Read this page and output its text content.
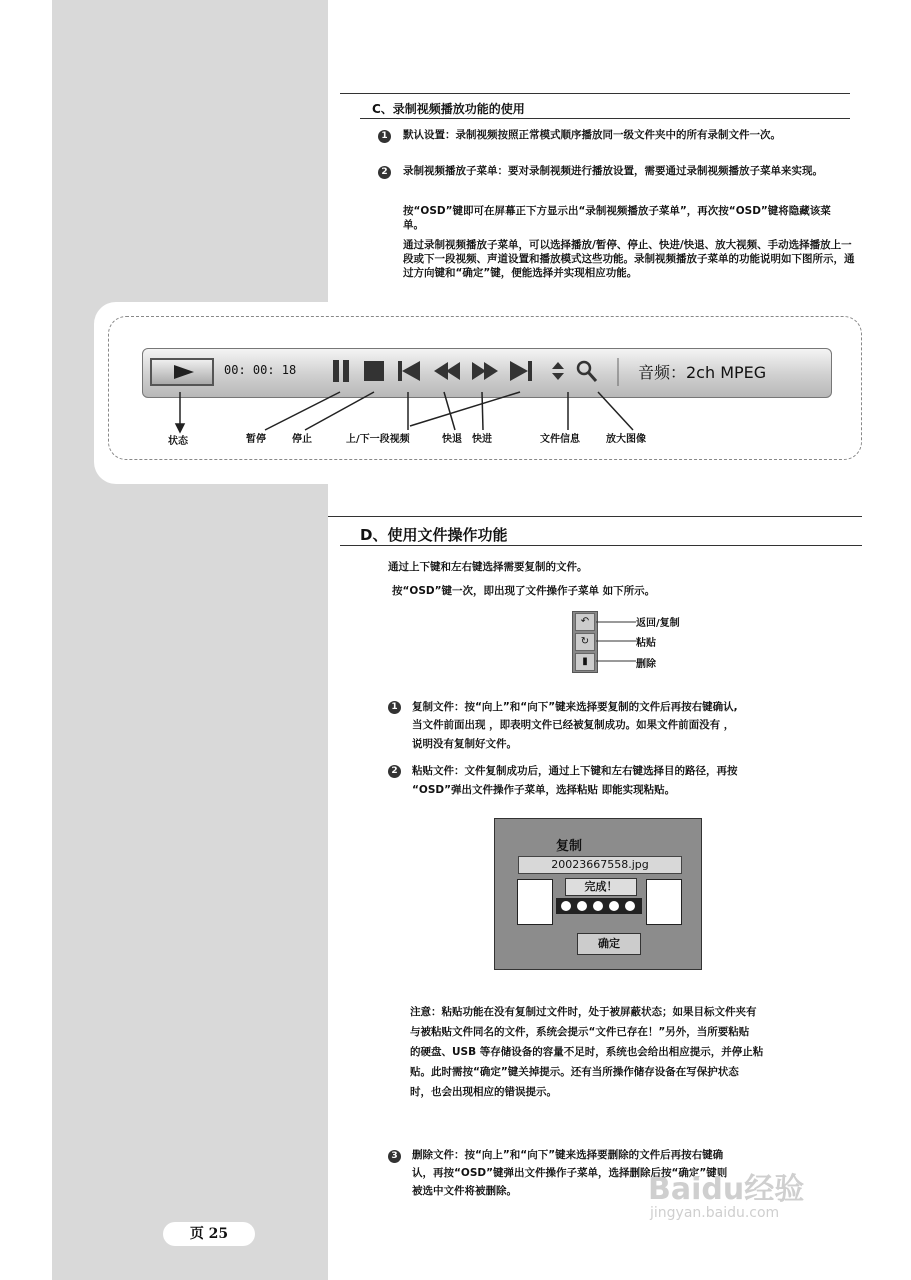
C、录制视频播放功能的使用
1	默认设置：录制视频按照正常模式顺序播放同一级文件夹中的所有录制文件一次。
2	录制视频播放子菜单：要对录制视频进行播放设置，需要通过录制视频播放子菜单来实现。
按“OSD”键即可在屏幕正下方显示出“录制视频播放子菜单”，再次按“OSD”键将隐藏该菜单。
通过录制视频播放子菜单，可以选择播放/暂停、停止、快进/快退、放大视频、手动选择播放上一段或下一段视频、声道设置和播放模式这些功能。录制视频播放子菜单的功能说明如下图所示，通过方向键和“确定”键，便能选择并实现相应功能。
00: 00: 18	音频：2ch MPEG
状态	暂停	停止	上/下一段视频	快退 快进	文件信息	放大图像
D、使用文件操作功能
通过上下键和左右键选择需要复制的文件。
按“OSD”键一次，即出现了文件操作子菜单 如下所示。
↶
↻
▮
返回/复制
粘贴
删除
1	复制文件：按“向上”和“向下”键来选择要复制的文件后再按右键确认,
当文件前面出现 ，即表明文件已经被复制成功。如果文件前面没有 ，
说明没有复制好文件。
2	粘贴文件：文件复制成功后，通过上下键和左右键选择目的路径，再按
“OSD”弹出文件操作子菜单，选择粘贴 即能实现粘贴。
复制
20023667558.jpg
完成！
确定
注意：粘贴功能在没有复制过文件时，处于被屏蔽状态；如果目标文件夹有
与被粘贴文件同名的文件，系统会提示“文件已存在！”另外，当所要粘贴
的硬盘、USB 等存储设备的容量不足时，系统也会给出相应提示，并停止粘
贴。此时需按“确定”键关掉提示。还有当所操作储存设备在写保护状态
时，也会出现相应的错误提示。
3	删除文件：按“向上”和“向下”键来选择要删除的文件后再按右键确
认，再按“OSD”键弹出文件操作子菜单，选择删除后按“确定”键则
被选中文件将被删除。
页 25
Baidu经验
jingyan.baidu.com
